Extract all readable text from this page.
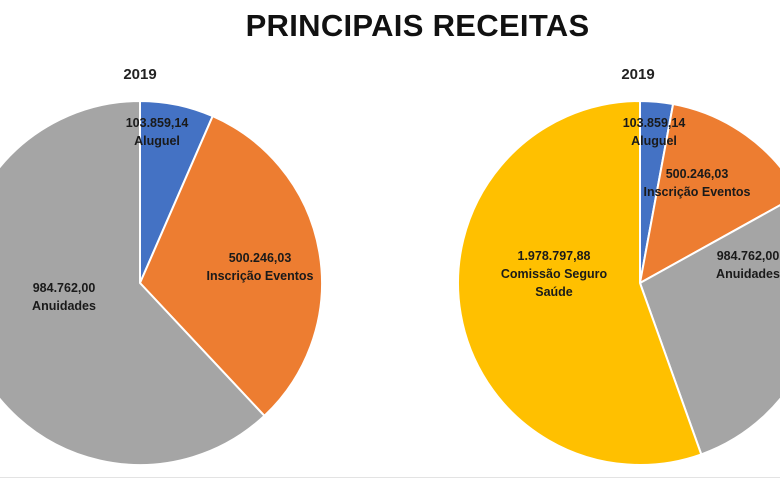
PRINCIPAIS RECEITAS
2019	2019
103.859,14 Aluguel
500.246,03 Inscrição Eventos
984.762,00 Anuidades
103.859,14 Aluguel
500.246,03 Inscrição Eventos
984.762,00 Anuidades
1.978.797,88 Comissão Seguro Saúde
